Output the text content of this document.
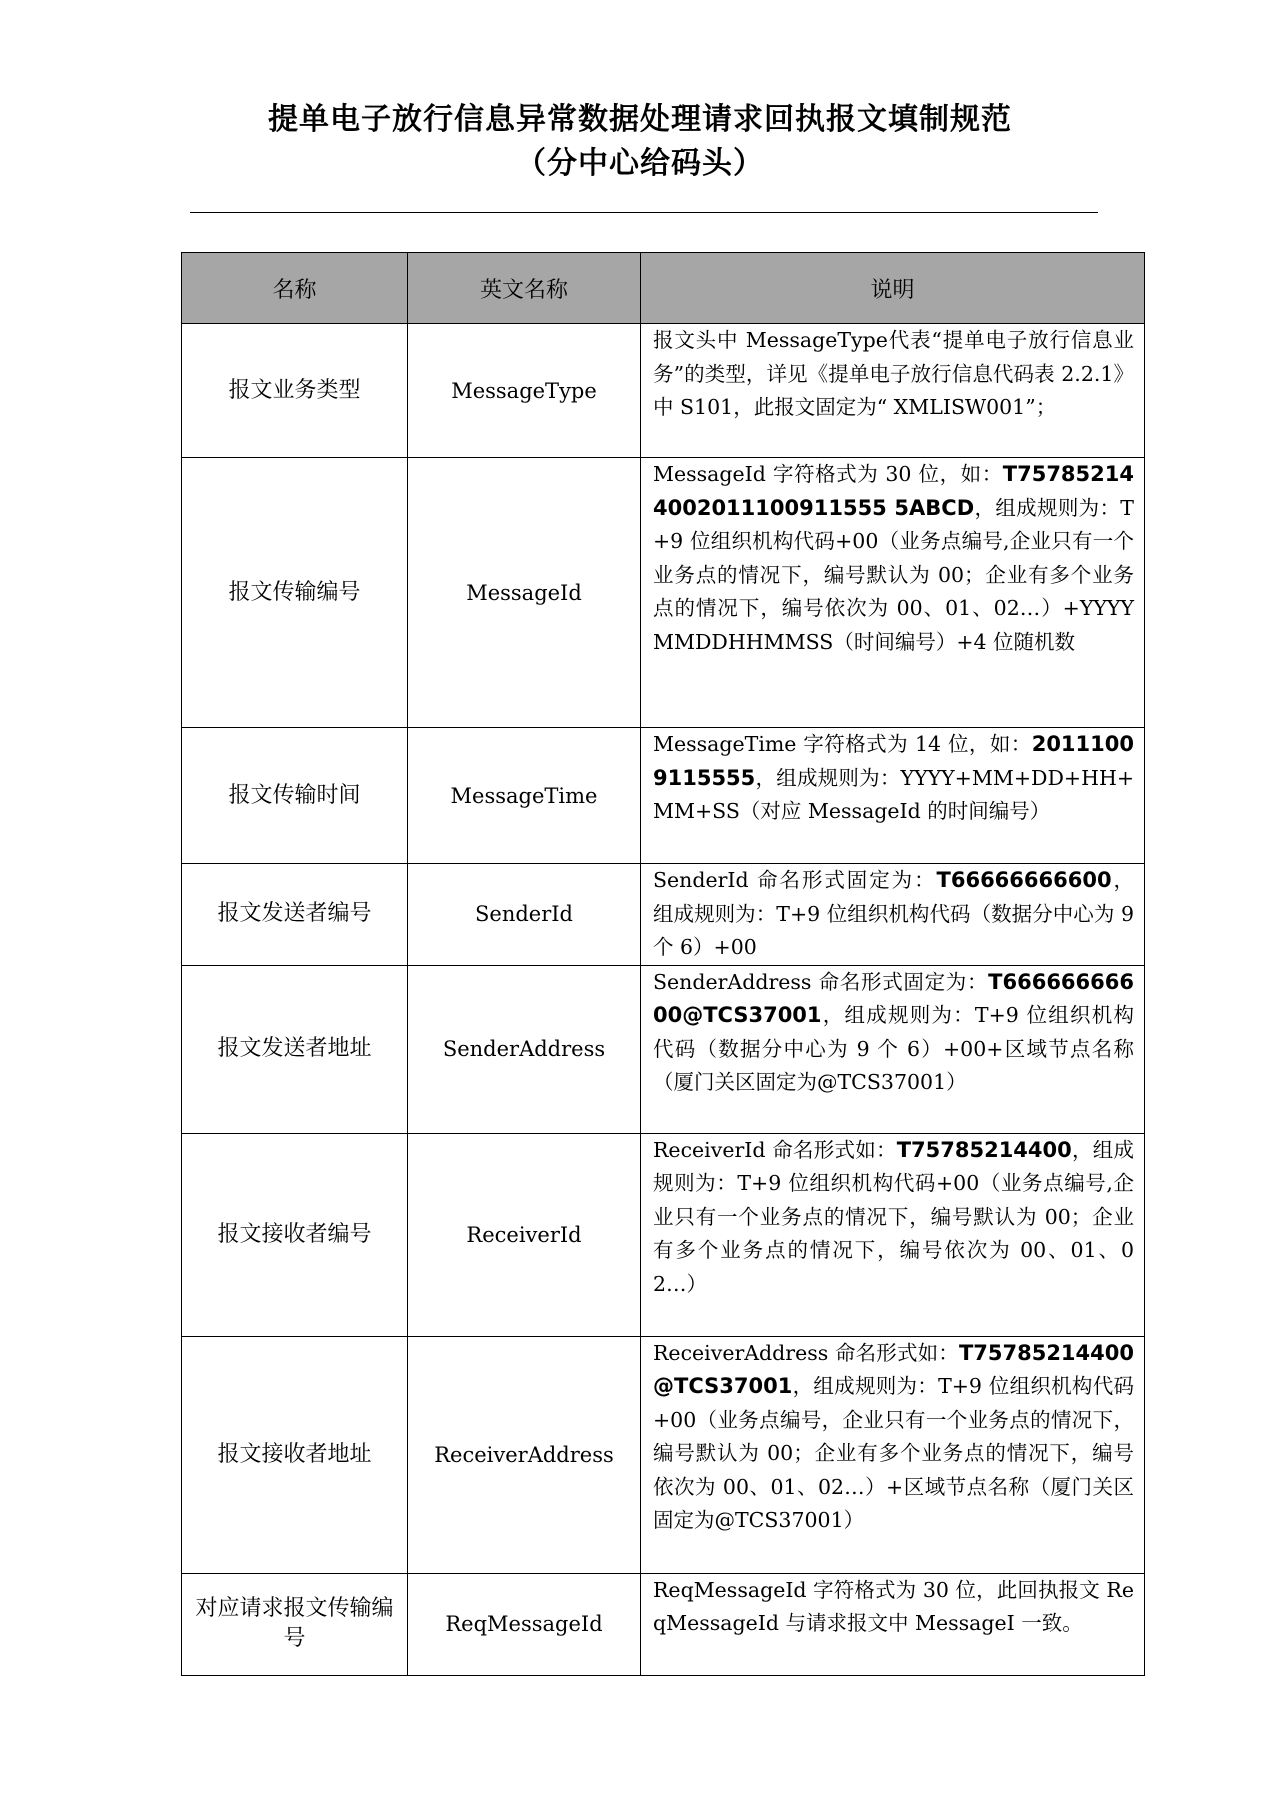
提单电子放行信息异常数据处理请求回执报文填制规范
（分中心给码头）
名称	英文名称	说明
报文业务类型	MessageType	报文头中 MessageType代表“提单电子放行信息业务”的类型，详见《提单电子放行信息代码表 2.2.1》中 S101，此报文固定为“ XMLISW001”；
报文传输编号	MessageId	MessageId 字符格式为 30 位，如：T757852144002011100911555 5ABCD，组成规则为：T+9 位组织机构代码+00（业务点编号,企业只有一个业务点的情况下，编号默认为 00；企业有多个业务点的情况下，编号依次为 00、01、02…）+YYYYMMDDHHMMSS（时间编号）+4 位随机数
报文传输时间	MessageTime	MessageTime 字符格式为 14 位，如：20111009115555，组成规则为：YYYY+MM+DD+HH+MM+SS（对应 MessageId 的时间编号）
报文发送者编号	SenderId	SenderId 命名形式固定为：T66666666600，组成规则为：T+9 位组织机构代码（数据分中心为 9 个 6）+00
报文发送者地址	SenderAddress	SenderAddress 命名形式固定为：T66666666600@TCS37001，组成规则为：T+9 位组织机构代码（数据分中心为 9 个 6）+00+区域节点名称（厦门关区固定为@TCS37001）
报文接收者编号	ReceiverId	ReceiverId 命名形式如：T75785214400，组成规则为：T+9 位组织机构代码+00（业务点编号,企业只有一个业务点的情况下，编号默认为 00；企业有多个业务点的情况下，编号依次为 00、01、02…）
报文接收者地址	ReceiverAddress	ReceiverAddress 命名形式如：T75785214400@TCS37001，组成规则为：T+9 位组织机构代码+00（业务点编号，企业只有一个业务点的情况下，编号默认为 00；企业有多个业务点的情况下，编号依次为 00、01、02…）+区域节点名称（厦门关区固定为@TCS37001）
对应请求报文传输编号	ReqMessageId	ReqMessageId 字符格式为 30 位，此回执报文 ReqMessageId 与请求报文中 MessageI 一致。
